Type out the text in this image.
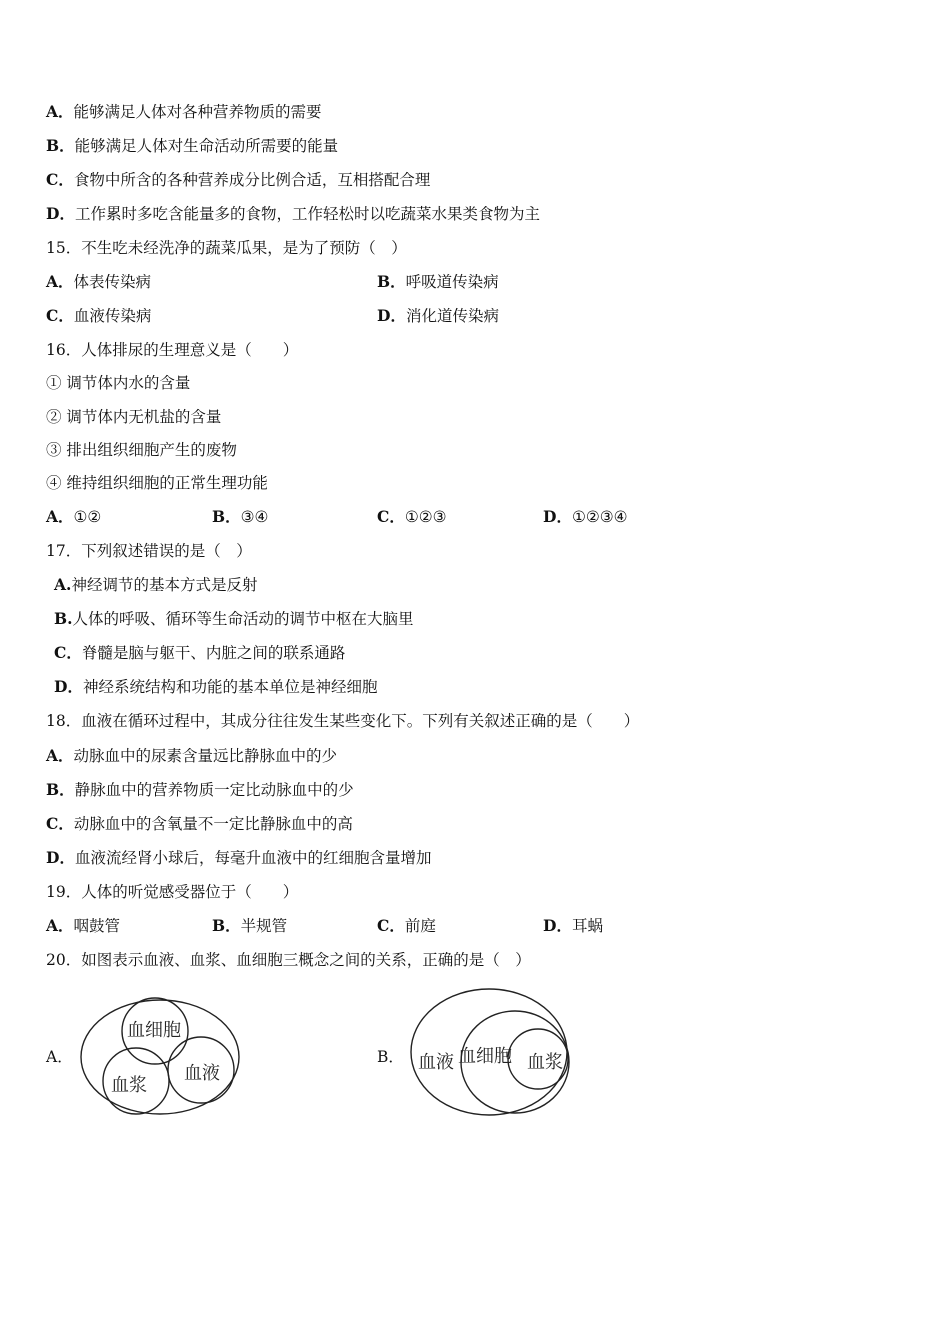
A．能够满足人体对各种营养物质的需要
B．能够满足人体对生命活动所需要的能量
C．食物中所含的各种营养成分比例合适，互相搭配合理
D．工作累时多吃含能量多的食物，工作轻松时以吃蔬菜水果类食物为主
15．不生吃未经洗净的蔬菜瓜果，是为了预防（　）
A．体表传染病	B．呼吸道传染病
C．血液传染病	D．消化道传染病
16．人体排尿的生理意义是（　　）
① 调节体内水的含量
② 调节体内无机盐的含量
③ 排出组织细胞产生的废物
④ 维持组织细胞的正常生理功能
A．①②	B．③④	C．①②③	D．①②③④
17．下列叙述错误的是（　）
A.神经调节的基本方式是反射
B.人体的呼吸、循环等生命活动的调节中枢在大脑里
C．脊髓是脑与躯干、内脏之间的联系通路
D．神经系统结构和功能的基本单位是神经细胞
18．血液在循环过程中，其成分往往发生某些变化下。下列有关叙述正确的是（　　）
A．动脉血中的尿素含量远比静脉血中的少
B．静脉血中的营养物质一定比动脉血中的少
C．动脉血中的含氧量不一定比静脉血中的高
D．血液流经肾小球后，每毫升血液中的红细胞含量增加
19．人体的听觉感受器位于（　　）
A．咽鼓管	B．半规管	C．前庭	D．耳蜗
20．如图表示血液、血浆、血细胞三概念之间的关系，正确的是（　）
A．
血细胞
血浆
血液
B． 血液 血细胞 血浆
